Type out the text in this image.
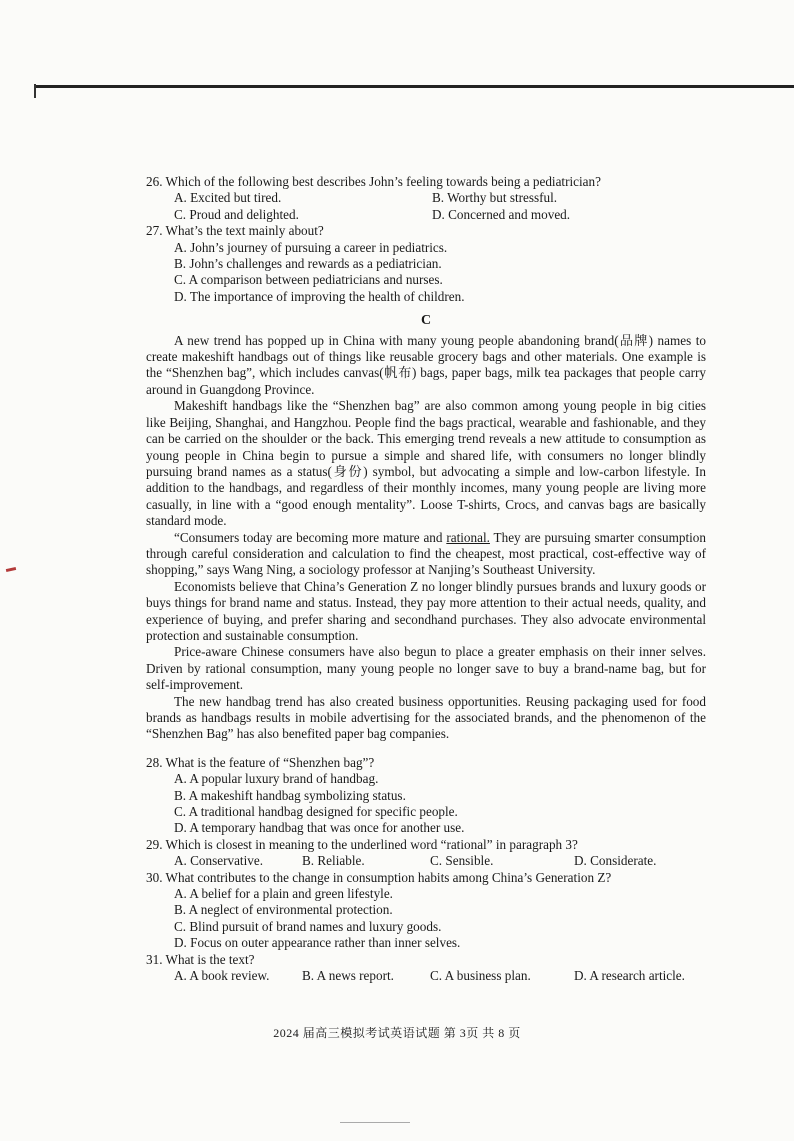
26. Which of the following best describes John’s feeling towards being a pediatrician?

A. Excited but tired.	B. Worthy but stressful.
C. Proud and delighted.	D. Concerned and moved.

27. What’s the text mainly about?

A. John’s journey of pursuing a career in pediatrics.
B. John’s challenges and rewards as a pediatrician.
C. A comparison between pediatricians and nurses.
D. The importance of improving the health of children.
C

A new trend has popped up in China with many young people abandoning brand(品牌) names to create makeshift handbags out of things like reusable grocery bags and other materials. One example is the “Shenzhen bag”, which includes canvas(帆布) bags, paper bags, milk tea packages that people carry around in Guangdong Province.

Makeshift handbags like the “Shenzhen bag” are also common among young people in big cities like Beijing, Shanghai, and Hangzhou. People find the bags practical, wearable and fashionable, and they can be carried on the shoulder or the back. This emerging trend reveals a new attitude to consumption as young people in China begin to pursue a simple and shared life, with consumers no longer blindly pursuing brand names as a status(身份) symbol, but advocating a simple and low-carbon lifestyle. In addition to the handbags, and regardless of their monthly incomes, many young people are living more casually, in line with a “good enough mentality”. Loose T-shirts, Crocs, and canvas bags are basically standard mode.

“Consumers today are becoming more mature and rational. They are pursuing smarter consumption through careful consideration and calculation to find the cheapest, most practical, cost-effective way of shopping,” says Wang Ning, a sociology professor at Nanjing’s Southeast University.

Economists believe that China’s Generation Z no longer blindly pursues brands and luxury goods or buys things for brand name and status. Instead, they pay more attention to their actual needs, quality, and experience of buying, and prefer sharing and secondhand purchases. They also advocate environmental protection and sustainable consumption.

Price-aware Chinese consumers have also begun to place a greater emphasis on their inner selves. Driven by rational consumption, many young people no longer save to buy a brand-name bag, but for self-improvement.

The new handbag trend has also created business opportunities. Reusing packaging used for food brands as handbags results in mobile advertising for the associated brands, and the phenomenon of the “Shenzhen Bag” has also benefited paper bag companies.

28. What is the feature of “Shenzhen bag”?

A. A popular luxury brand of handbag.
B. A makeshift handbag symbolizing status.
C. A traditional handbag designed for specific people.
D. A temporary handbag that was once for another use.

29. Which is closest in meaning to the underlined word “rational” in paragraph 3?

A. Conservative.	B. Reliable.	C. Sensible.	D. Considerate.

30. What contributes to the change in consumption habits among China’s Generation Z?

A. A belief for a plain and green lifestyle.
B. A neglect of environmental protection.
C. Blind pursuit of brand names and luxury goods.
D. Focus on outer appearance rather than inner selves.

31. What is the text?

A. A book review.	B. A news report.	C. A business plan.	D. A research article.
2024 届高三模拟考试英语试题 第 3页 共 8 页
